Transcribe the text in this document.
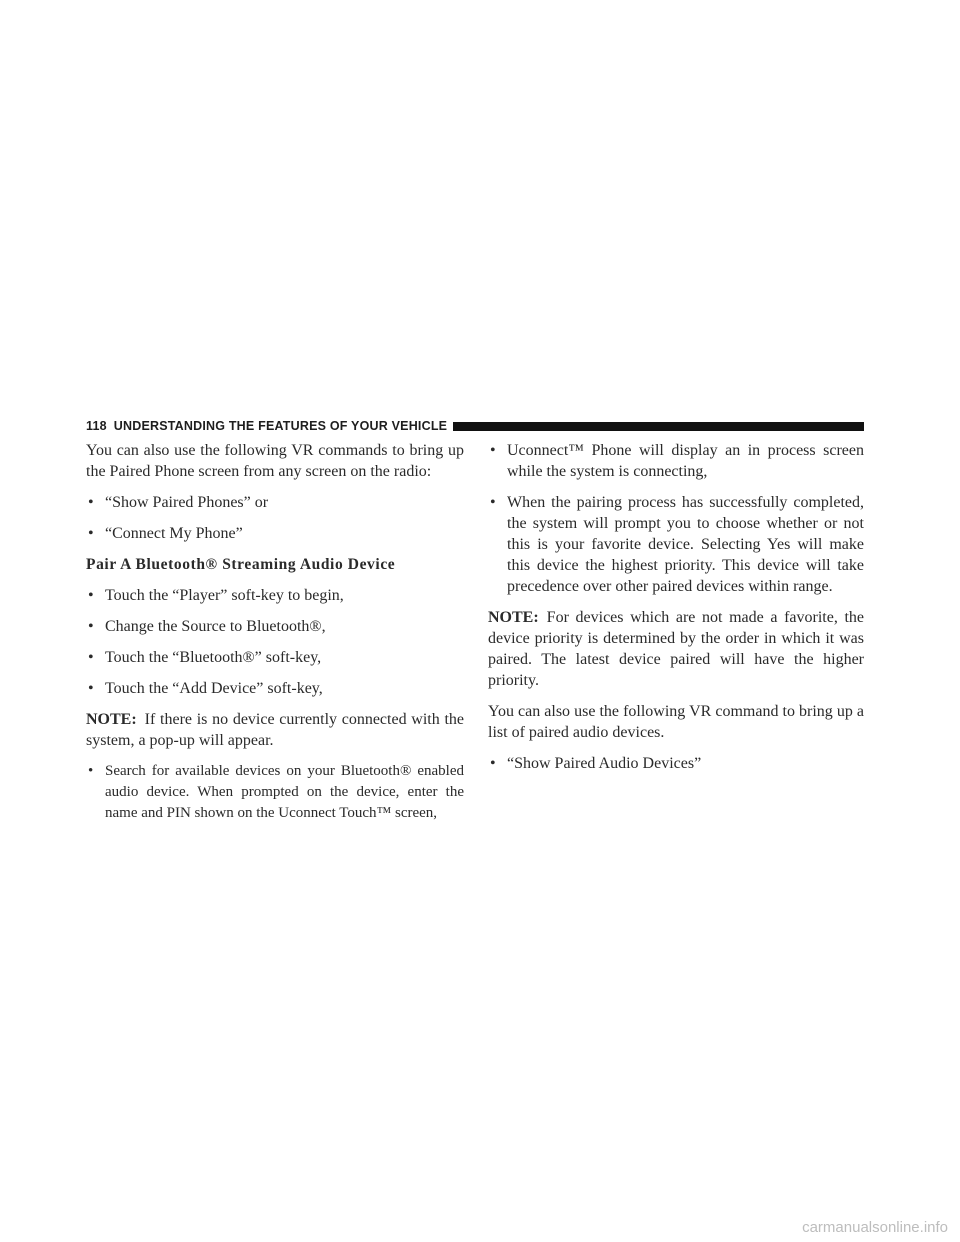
118 UNDERSTANDING THE FEATURES OF YOUR VEHICLE

You can also use the following VR commands to bring up the Paired Phone screen from any screen on the radio:

• “Show Paired Phones” or

• “Connect My Phone”

Pair A Bluetooth® Streaming Audio Device

• Touch the “Player” soft-key to begin,

• Change the Source to Bluetooth®,

• Touch the “Bluetooth®” soft-key,

• Touch the “Add Device” soft-key,

NOTE: If there is no device currently connected with the system, a pop-up will appear.

• Search for available devices on your Bluetooth® enabled audio device. When prompted on the device, enter the name and PIN shown on the Uconnect Touch™ screen,

• Uconnect™ Phone will display an in process screen while the system is connecting,

• When the pairing process has successfully completed, the system will prompt you to choose whether or not this is your favorite device. Selecting Yes will make this device the highest priority. This device will take precedence over other paired devices within range.

NOTE: For devices which are not made a favorite, the device priority is determined by the order in which it was paired. The latest device paired will have the higher priority.

You can also use the following VR command to bring up a list of paired audio devices.

• “Show Paired Audio Devices”

carmanualsonline.info
